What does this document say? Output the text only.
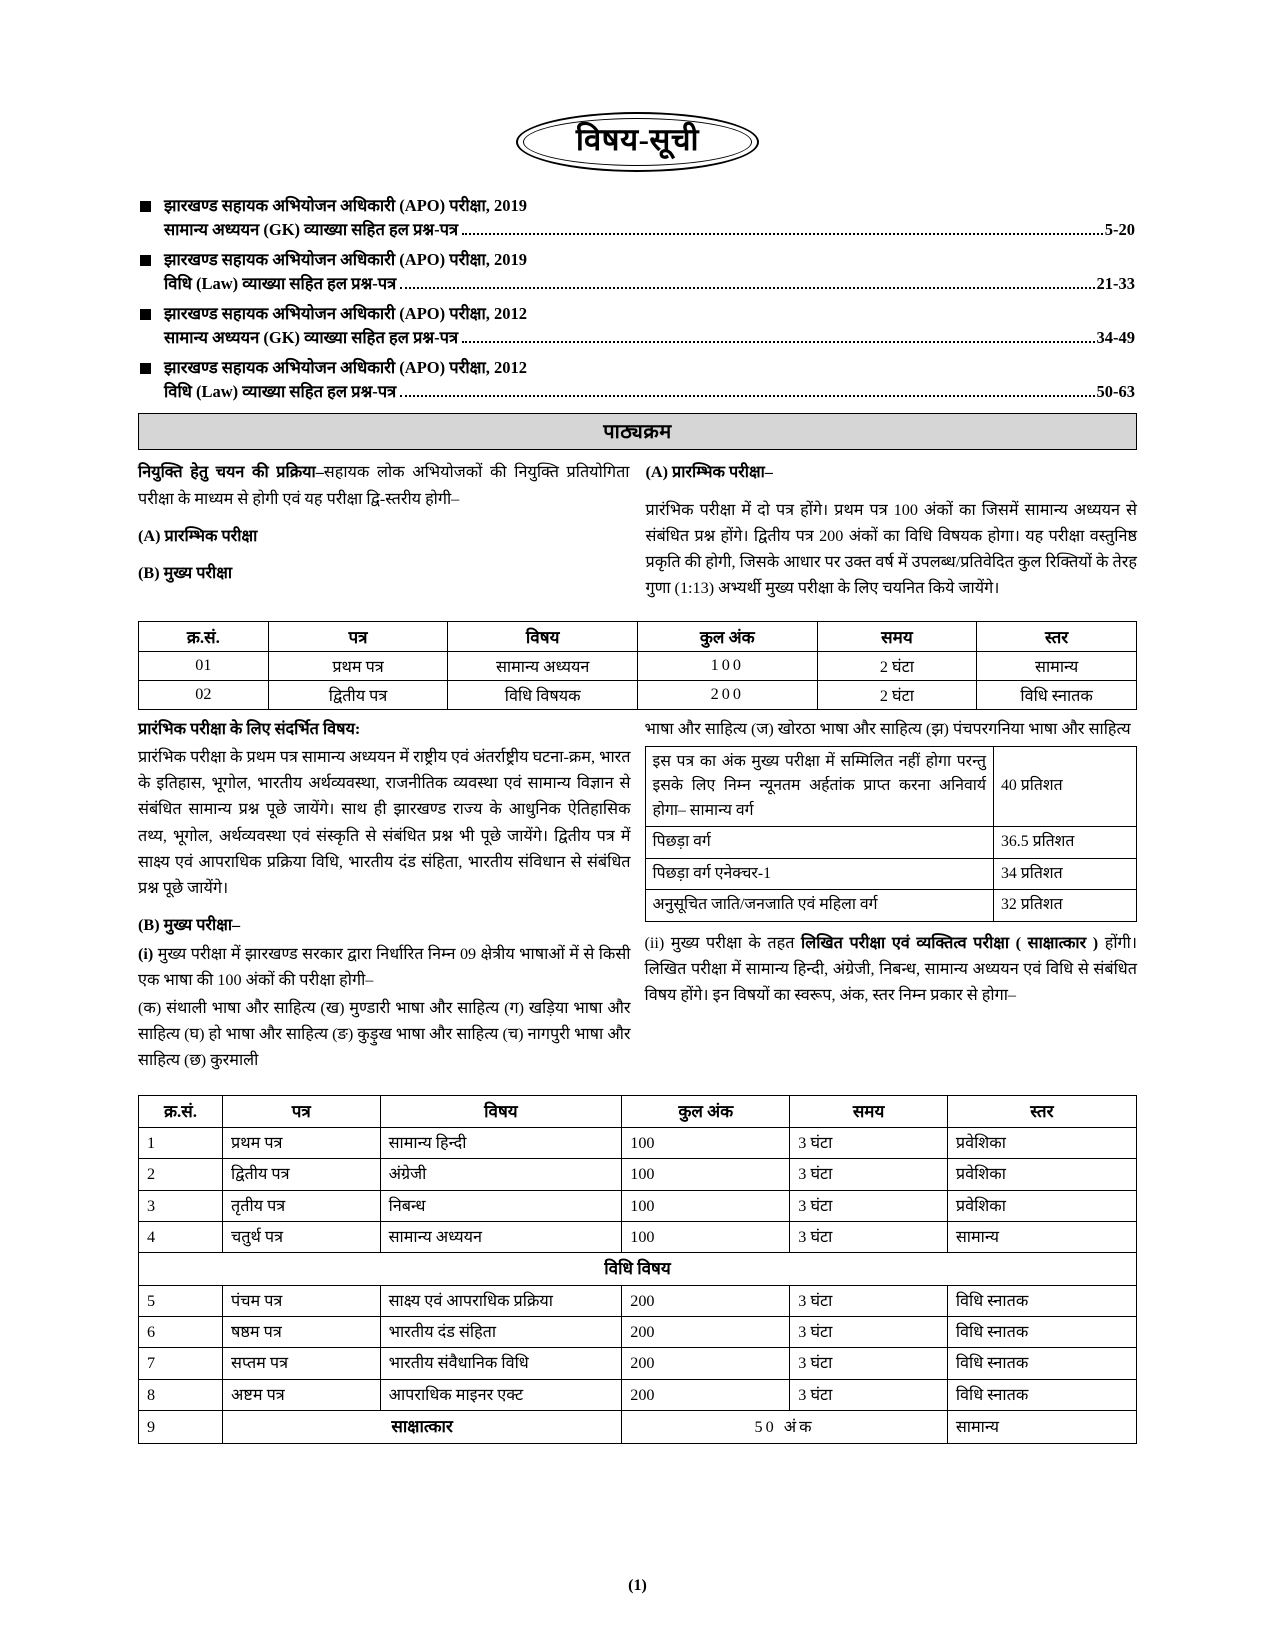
विषय-सूची
झारखण्ड सहायक अभियोजन अधिकारी (APO) परीक्षा, 2019
सामान्य अध्ययन (GK) व्याख्या सहित हल प्रश्न-पत्र	5-20
झारखण्ड सहायक अभियोजन अधिकारी (APO) परीक्षा, 2019
विधि (Law) व्याख्या सहित हल प्रश्न-पत्र	21-33
झारखण्ड सहायक अभियोजन अधिकारी (APO) परीक्षा, 2012
सामान्य अध्ययन (GK) व्याख्या सहित हल प्रश्न-पत्र	34-49
झारखण्ड सहायक अभियोजन अधिकारी (APO) परीक्षा, 2012
विधि (Law) व्याख्या सहित हल प्रश्न-पत्र	50-63
पाठ्यक्रम

नियुक्ति हेतु चयन की प्रक्रिया–सहायक लोक अभियोजकों की नियुक्ति प्रतियोगिता परीक्षा के माध्यम से होगी एवं यह परीक्षा द्वि-स्तरीय होगी–

(A) प्रारम्भिक परीक्षा

(B) मुख्य परीक्षा

(A) प्रारम्भिक परीक्षा–

प्रारंभिक परीक्षा में दो पत्र होंगे। प्रथम पत्र 100 अंकों का जिसमें सामान्य अध्ययन से संबंधित प्रश्न होंगे। द्वितीय पत्र 200 अंकों का विधि विषयक होगा। यह परीक्षा वस्तुनिष्ठ प्रकृति की होगी, जिसके आधार पर उक्त वर्ष में उपलब्ध/प्रतिवेदित कुल रिक्तियों के तेरह गुणा (1:13) अभ्यर्थी मुख्य परीक्षा के लिए चयनित किये जायेंगे।

क्र.सं.	पत्र	विषय	कुल अंक	समय	स्तर
01	प्रथम पत्र	सामान्य अध्ययन	100	2 घंटा	सामान्य
02	द्वितीय पत्र	विधि विषयक	200	2 घंटा	विधि स्नातक

प्रारंभिक परीक्षा के लिए संदर्भित विषय:

प्रारंभिक परीक्षा के प्रथम पत्र सामान्य अध्ययन में राष्ट्रीय एवं अंतर्राष्ट्रीय घटना-क्रम, भारत के इतिहास, भूगोल, भारतीय अर्थव्यवस्था, राजनीतिक व्यवस्था एवं सामान्य विज्ञान से संबंधित सामान्य प्रश्न पूछे जायेंगे। साथ ही झारखण्ड राज्य के आधुनिक ऐतिहासिक तथ्य, भूगोल, अर्थव्यवस्था एवं संस्कृति से संबंधित प्रश्न भी पूछे जायेंगे। द्वितीय पत्र में साक्ष्य एवं आपराधिक प्रक्रिया विधि, भारतीय दंड संहिता, भारतीय संविधान से संबंधित प्रश्न पूछे जायेंगे।

(B) मुख्य परीक्षा–

(i) मुख्य परीक्षा में झारखण्ड सरकार द्वारा निर्धारित निम्न 09 क्षेत्रीय भाषाओं में से किसी एक भाषा की 100 अंकों की परीक्षा होगी–

(क) संथाली भाषा और साहित्य (ख) मुण्डारी भाषा और साहित्य (ग) खड़िया भाषा और साहित्य (घ) हो भाषा और साहित्य (ङ) कुड़ुख भाषा और साहित्य (च) नागपुरी भाषा और साहित्य (छ) कुरमाली

भाषा और साहित्य (ज) खोरठा भाषा और साहित्य (झ) पंचपरगनिया भाषा और साहित्य

इस पत्र का अंक मुख्य परीक्षा में सम्मिलित नहीं होगा परन्तु इसके लिए निम्न न्यूनतम अर्हतांक प्राप्त करना अनिवार्य होगा– सामान्य वर्ग	40 प्रतिशत
पिछड़ा वर्ग	36.5 प्रतिशत
पिछड़ा वर्ग एनेक्चर-1	34 प्रतिशत
अनुसूचित जाति/जनजाति एवं महिला वर्ग	32 प्रतिशत

(ii) मुख्य परीक्षा के तहत लिखित परीक्षा एवं व्यक्तित्व परीक्षा ( साक्षात्कार ) होंगी। लिखित परीक्षा में सामान्य हिन्दी, अंग्रेजी, निबन्ध, सामान्य अध्ययन एवं विधि से संबंधित विषय होंगे। इन विषयों का स्वरूप, अंक, स्तर निम्न प्रकार से होगा–

क्र.सं.	पत्र	विषय	कुल अंक	समय	स्तर
1	प्रथम पत्र	सामान्य हिन्दी	100	3 घंटा	प्रवेशिका
2	द्वितीय पत्र	अंग्रेजी	100	3 घंटा	प्रवेशिका
3	तृतीय पत्र	निबन्ध	100	3 घंटा	प्रवेशिका
4	चतुर्थ पत्र	सामान्य अध्ययन	100	3 घंटा	सामान्य
विधि विषय					
5	पंचम पत्र	साक्ष्य एवं आपराधिक प्रक्रिया	200	3 घंटा	विधि स्नातक
6	षष्ठम पत्र	भारतीय दंड संहिता	200	3 घंटा	विधि स्नातक
7	सप्तम पत्र	भारतीय संवैधानिक विधि	200	3 घंटा	विधि स्नातक
8	अष्टम पत्र	आपराधिक माइनर एक्ट	200	3 घंटा	विधि स्नातक
9	साक्षात्कार		50 अंक		सामान्य
(1)
